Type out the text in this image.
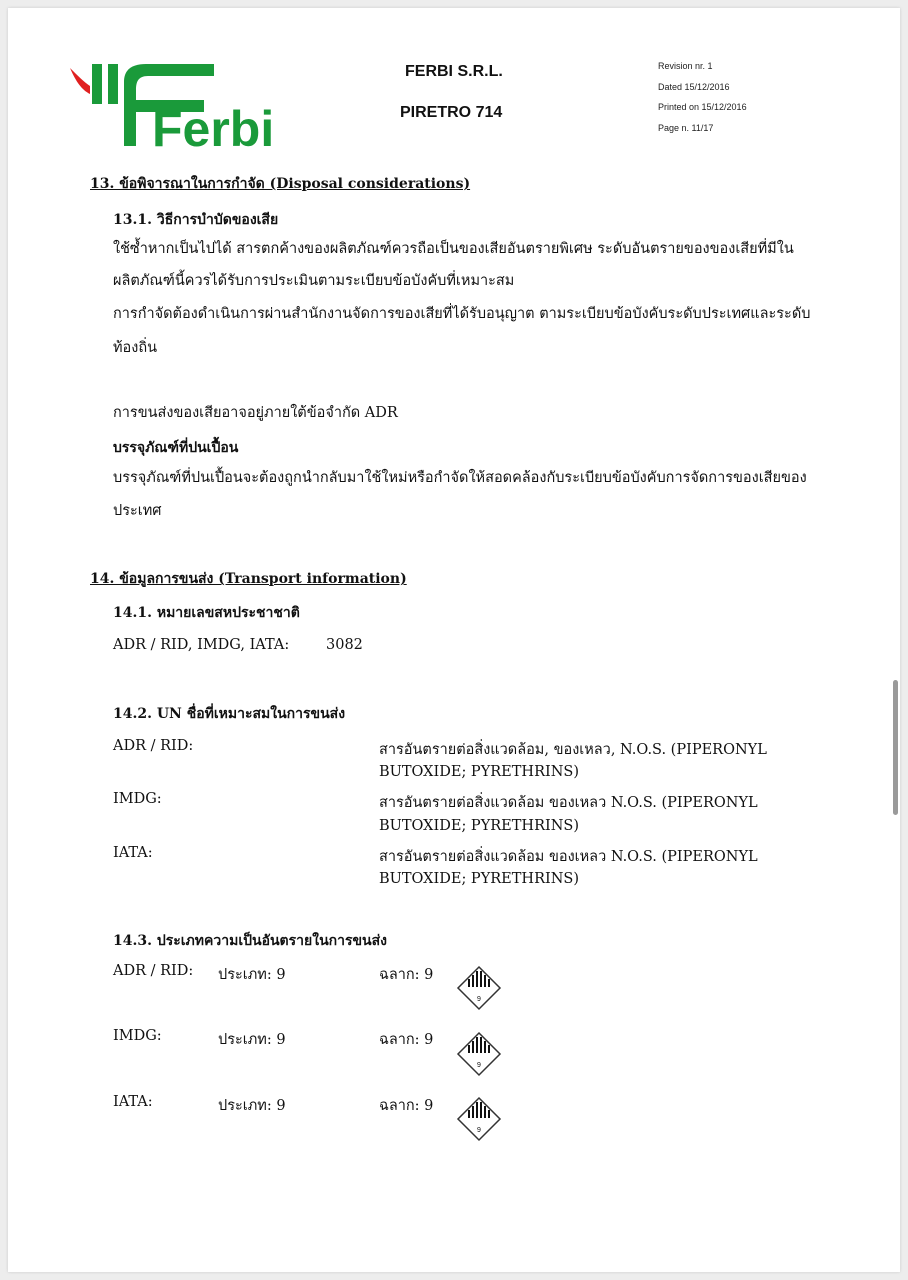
Ferbi
FERBI S.R.L.
PIRETRO 714
Revision nr. 1
Dated 15/12/2016
Printed on 15/12/2016
Page n. 11/17
13. ข้อพิจารณาในการกำจัด (Disposal considerations)
13.1. วิธีการบำบัดของเสีย
ใช้ซ้ำหากเป็นไปได้ สารตกค้างของผลิตภัณฑ์ควรถือเป็นของเสียอันตรายพิเศษ ระดับอันตรายของของเสียที่มีใน
ผลิตภัณฑ์นี้ควรได้รับการประเมินตามระเบียบข้อบังคับที่เหมาะสม
การกำจัดต้องดำเนินการผ่านสำนักงานจัดการของเสียที่ได้รับอนุญาต ตามระเบียบข้อบังคับระดับประเทศและระดับ
ท้องถิ่น
การขนส่งของเสียอาจอยู่ภายใต้ข้อจำกัด ADR
บรรจุภัณฑ์ที่ปนเปื้อน
บรรจุภัณฑ์ที่ปนเปื้อนจะต้องถูกนำกลับมาใช้ใหม่หรือกำจัดให้สอดคล้องกับระเบียบข้อบังคับการจัดการของเสียของ
ประเทศ
14. ข้อมูลการขนส่ง (Transport information)
14.1. หมายเลขสหประชาชาติ
ADR / RID, IMDG, IATA:	3082
14.2. UN ชื่อที่เหมาะสมในการขนส่ง
ADR / RID:	สารอันตรายต่อสิ่งแวดล้อม, ของเหลว, N.O.S. (PIPERONYL
BUTOXIDE; PYRETHRINS)
IMDG:	สารอันตรายต่อสิ่งแวดล้อม ของเหลว N.O.S. (PIPERONYL
BUTOXIDE; PYRETHRINS)
IATA:	สารอันตรายต่อสิ่งแวดล้อม ของเหลว N.O.S. (PIPERONYL
BUTOXIDE; PYRETHRINS)
14.3. ประเภทความเป็นอันตรายในการขนส่ง
ADR / RID: ประเภท: 9	ฉลาก: 9
IMDG:	ประเภท: 9	ฉลาก: 9
IATA:	ประเภท: 9	ฉลาก: 9
9
9
9
